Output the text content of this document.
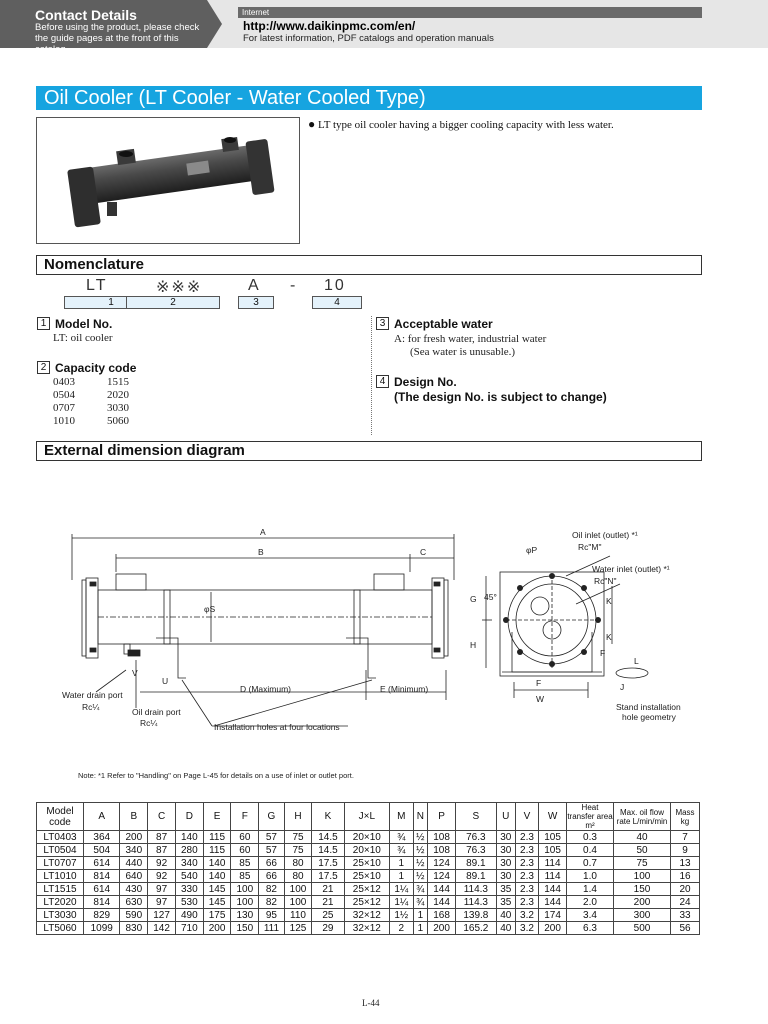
Contact Details
Before using the product, please check the guide pages at the front of this catalog.
Internet
http://www.daikinpmc.com/en/
For latest information, PDF catalogs and operation manuals
Oil Cooler (LT Cooler - Water Cooled Type)
● LT type oil cooler having a bigger cooling capacity with less water.
Nomenclature
LT	※※※	A - 10
1	2	3	4
1 Model No.
LT: oil cooler
2 Capacity code
0403	1515
0504	2020
0707	3030
1010	5060
3 Acceptable water
A: for fresh water, industrial water
(Sea water is unusable.)
4 Design No.
(The design No. is subject to change)
External dimension diagram
A
B	C
φS
V
U
D (Maximum)	E (Minimum)
Water drain port
Rc¼	Oil drain port
Rc¼	Installation holes at four locations
Oil inlet (outlet) *¹
Rc"M"
φP
Water inlet (outlet) *¹
Rc"N"
G
H
45°	K
K
F
F
W
L
J
Stand installation
hole geometry
Note: *1 Refer to "Handling" on Page L-45 for details on a use of inlet or outlet port.
Model code	A	B	C	D	E	F	G	H	K	J×L	M	N	P	S	U	V	W	Heat transfer area m²	Max. oil flow rate L/min/min	Mass kg
LT0403	364	200	87	140	115	60	57	75	14.5	20×10	¾	½	108	76.3	30	2.3	105	0.3	40	7
LT0504	504	340	87	280	115	60	57	75	14.5	20×10	¾	½	108	76.3	30	2.3	105	0.4	50	9
LT0707	614	440	92	340	140	85	66	80	17.5	25×10	1	½	124	89.1	30	2.3	114	0.7	75	13
LT1010	814	640	92	540	140	85	66	80	17.5	25×10	1	½	124	89.1	30	2.3	114	1.0	100	16
LT1515	614	430	97	330	145	100	82	100	21	25×12	1¼	¾	144	114.3	35	2.3	144	1.4	150	20
LT2020	814	630	97	530	145	100	82	100	21	25×12	1¼	¾	144	114.3	35	2.3	144	2.0	200	24
LT3030	829	590	127	490	175	130	95	110	25	32×12	1½	1	168	139.8	40	3.2	174	3.4	300	33
LT5060	1099	830	142	710	200	150	111	125	29	32×12	2	1	200	165.2	40	3.2	200	6.3	500	56
L-44
